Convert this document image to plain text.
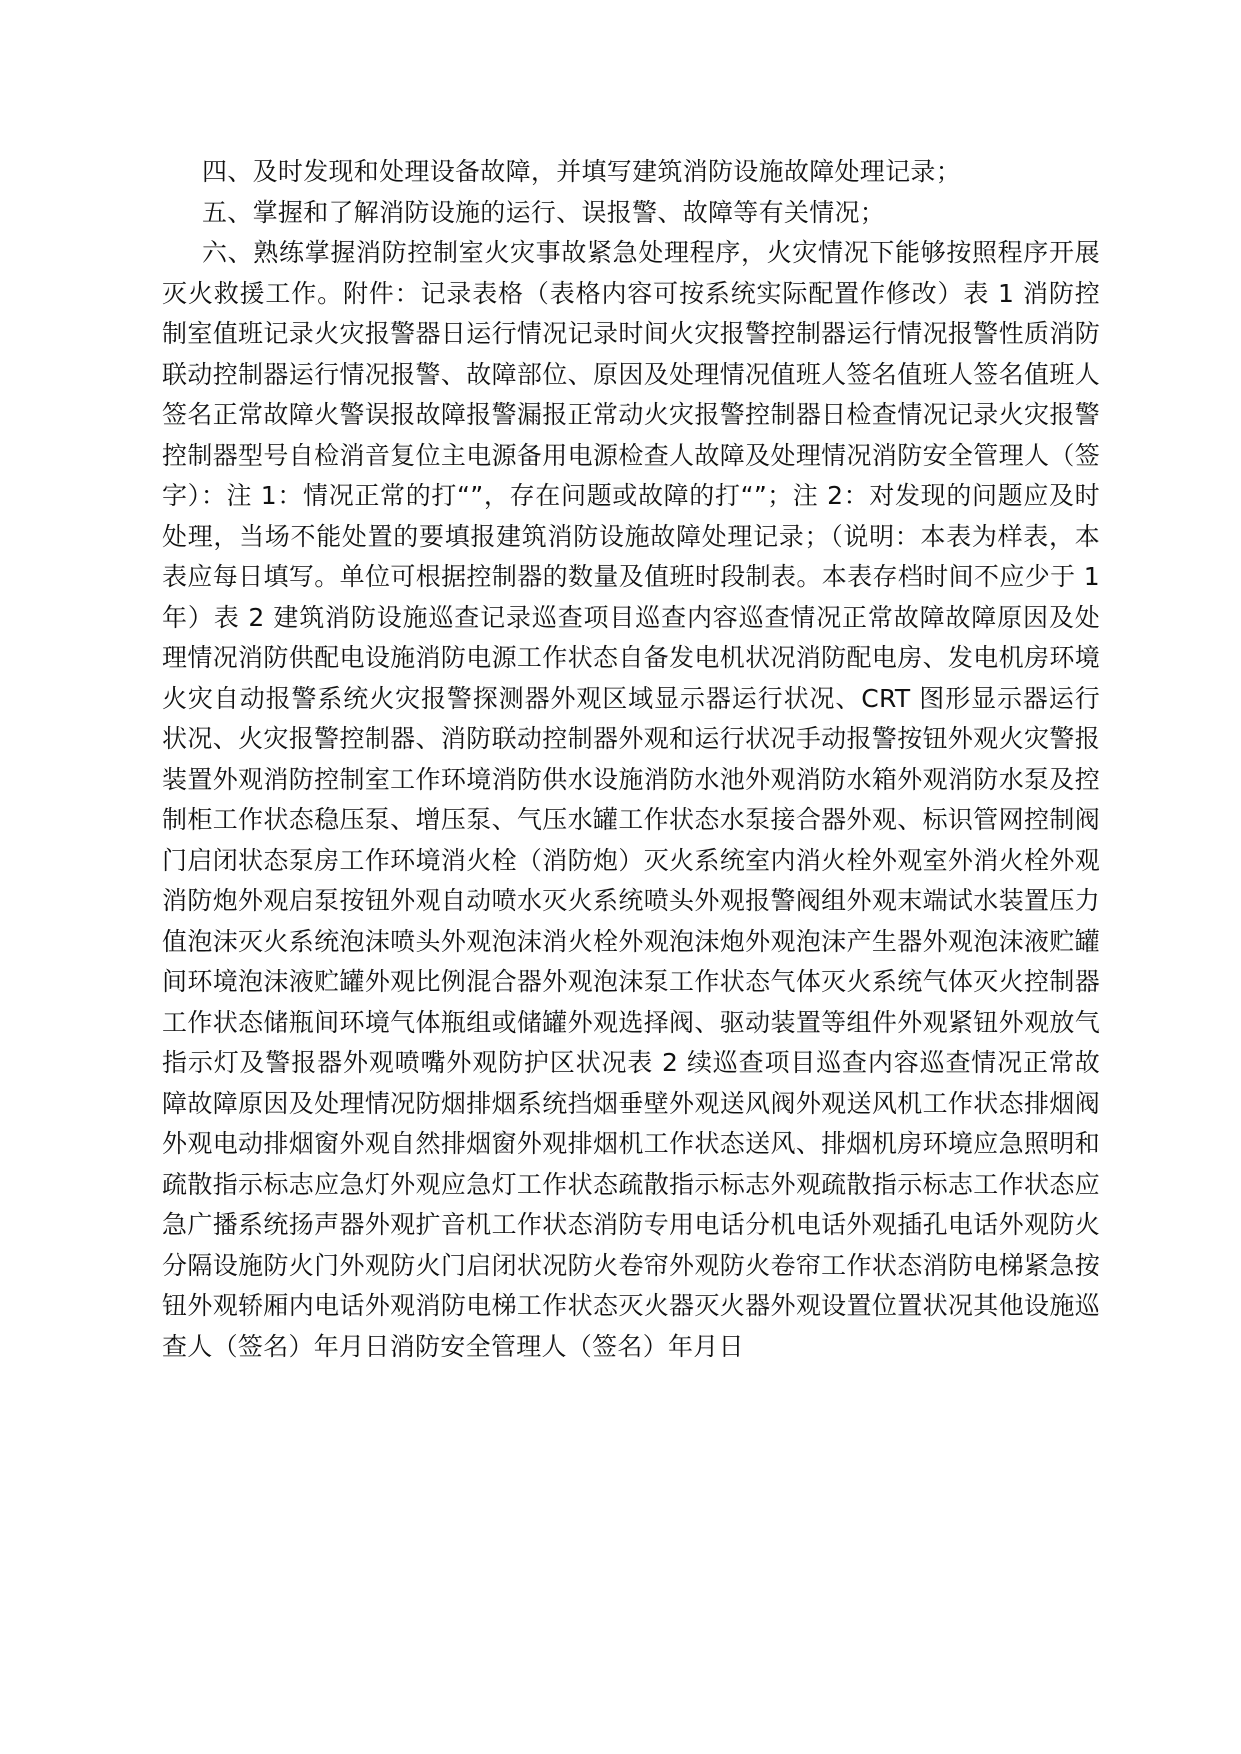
四、及时发现和处理设备故障，并填写建筑消防设施故障处理记录；

五、掌握和了解消防设施的运行、误报警、故障等有关情况；

六、熟练掌握消防控制室火灾事故紧急处理程序，火灾情况下能够按照程序开展灭火救援工作。附件：记录表格（表格内容可按系统实际配置作修改）表 1 消防控制室值班记录火灾报警器日运行情况记录时间火灾报警控制器运行情况报警性质消防联动控制器运行情况报警、故障部位、原因及处理情况值班人签名值班人签名值班人签名正常故障火警误报故障报警漏报正常动火灾报警控制器日检查情况记录火灾报警控制器型号自检消音复位主电源备用电源检查人故障及处理情况消防安全管理人（签字）：注 1：情况正常的打“”，存在问题或故障的打“”；注 2：对发现的问题应及时处理，当场不能处置的要填报建筑消防设施故障处理记录；（说明：本表为样表，本表应每日填写。单位可根据控制器的数量及值班时段制表。本表存档时间不应少于 1 年）表 2 建筑消防设施巡查记录巡查项目巡查内容巡查情况正常故障故障原因及处理情况消防供配电设施消防电源工作状态自备发电机状况消防配电房、发电机房环境火灾自动报警系统火灾报警探测器外观区域显示器运行状况、CRT 图形显示器运行状况、火灾报警控制器、消防联动控制器外观和运行状况手动报警按钮外观火灾警报装置外观消防控制室工作环境消防供水设施消防水池外观消防水箱外观消防水泵及控制柜工作状态稳压泵、增压泵、气压水罐工作状态水泵接合器外观、标识管网控制阀门启闭状态泵房工作环境消火栓（消防炮）灭火系统室内消火栓外观室外消火栓外观消防炮外观启泵按钮外观自动喷水灭火系统喷头外观报警阀组外观末端试水装置压力值泡沫灭火系统泡沫喷头外观泡沫消火栓外观泡沫炮外观泡沫产生器外观泡沫液贮罐间环境泡沫液贮罐外观比例混合器外观泡沫泵工作状态气体灭火系统气体灭火控制器工作状态储瓶间环境气体瓶组或储罐外观选择阀、驱动装置等组件外观紧钮外观放气指示灯及警报器外观喷嘴外观防护区状况表 2 续巡查项目巡查内容巡查情况正常故障故障原因及处理情况防烟排烟系统挡烟垂壁外观送风阀外观送风机工作状态排烟阀外观电动排烟窗外观自然排烟窗外观排烟机工作状态送风、排烟机房环境应急照明和疏散指示标志应急灯外观应急灯工作状态疏散指示标志外观疏散指示标志工作状态应急广播系统扬声器外观扩音机工作状态消防专用电话分机电话外观插孔电话外观防火分隔设施防火门外观防火门启闭状况防火卷帘外观防火卷帘工作状态消防电梯紧急按钮外观轿厢内电话外观消防电梯工作状态灭火器灭火器外观设置位置状况其他设施巡查人（签名）年月日消防安全管理人（签名）年月日
